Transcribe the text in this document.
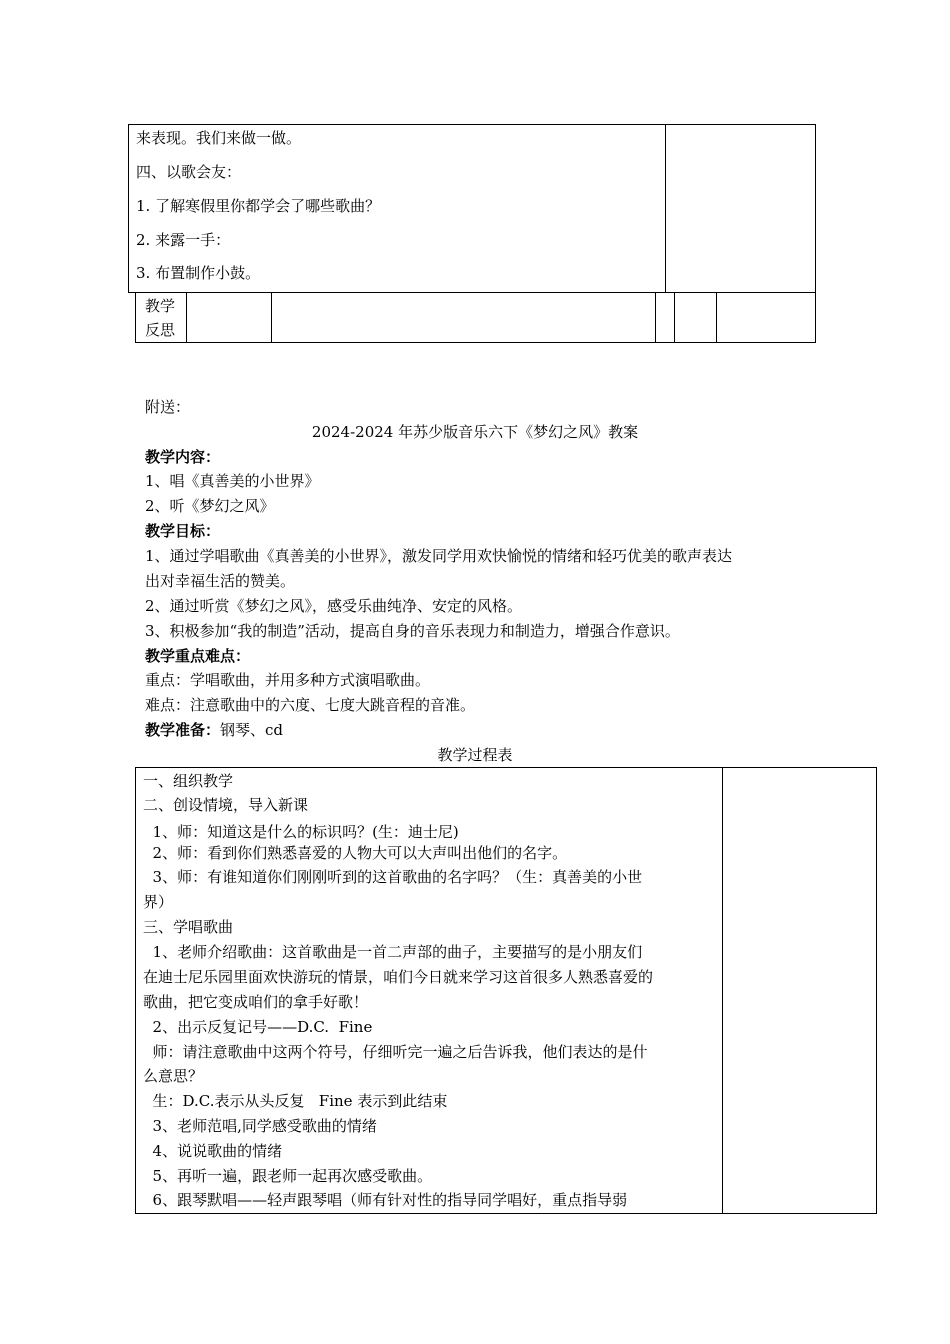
来表现。我们来做一做。
四、以歌会友：
1. 了解寒假里你都学会了哪些歌曲？
2. 来露一手：
3. 布置制作小鼓。
教学
反思
附送：
2024-2024 年苏少版音乐六下《梦幻之风》教案
教学内容：
1、唱《真善美的小世界》
2、听《梦幻之风》
教学目标：
1、通过学唱歌曲《真善美的小世界》，激发同学用欢快愉悦的情绪和轻巧优美的歌声表达
出对幸福生活的赞美。
2、通过听赏《梦幻之风》，感受乐曲纯净、安定的风格。
3、积极参加“我的制造”活动，提高自身的音乐表现力和制造力，增强合作意识。
教学重点难点：
重点：学唱歌曲，并用多种方式演唱歌曲。
难点：注意歌曲中的六度、七度大跳音程的音准。
教学准备：钢琴、cd
教学过程表
一、组织教学
二、创设情境，导入新课
1、师：知道这是什么的标识吗？(生：迪士尼)
2、师：看到你们熟悉喜爱的人物大可以大声叫出他们的名字。
3、师：有谁知道你们刚刚听到的这首歌曲的名字吗？（生：真善美的小世
界）
三、学唱歌曲
1、老师介绍歌曲：这首歌曲是一首二声部的曲子，主要描写的是小朋友们
在迪士尼乐园里面欢快游玩的情景，咱们今日就来学习这首很多人熟悉喜爱的
歌曲，把它变成咱们的拿手好歌！
2、出示反复记号——D.C.  Fine
师：请注意歌曲中这两个符号，仔细听完一遍之后告诉我，他们表达的是什
么意思？
生：D.C.表示从头反复   Fine 表示到此结束
3、老师范唱,同学感受歌曲的情绪
4、说说歌曲的情绪
5、再听一遍，跟老师一起再次感受歌曲。
6、跟琴默唱——轻声跟琴唱（师有针对性的指导同学唱好，重点指导弱
